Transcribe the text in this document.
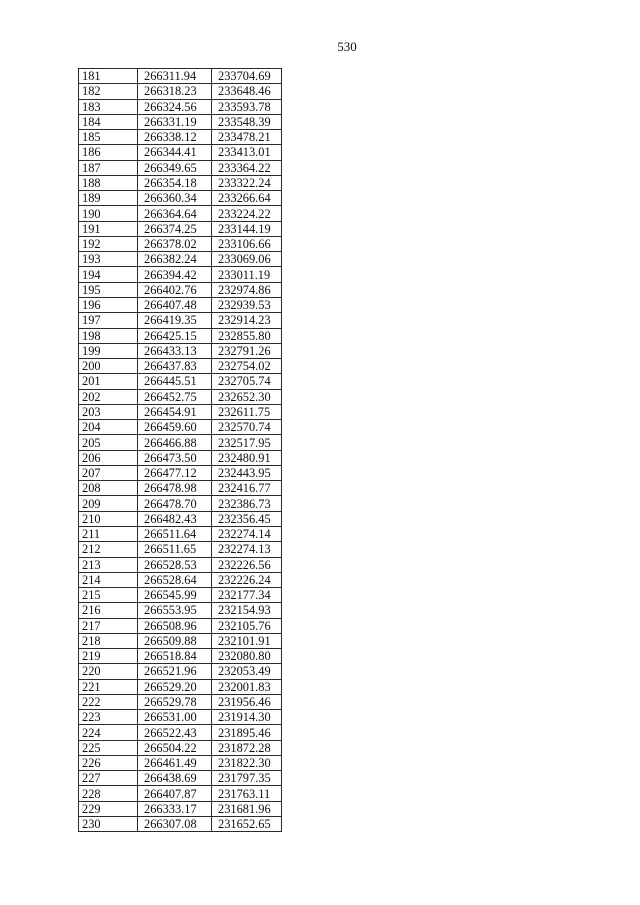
530
181	266311.94	233704.69
182	266318.23	233648.46
183	266324.56	233593.78
184	266331.19	233548.39
185	266338.12	233478.21
186	266344.41	233413.01
187	266349.65	233364.22
188	266354.18	233322.24
189	266360.34	233266.64
190	266364.64	233224.22
191	266374.25	233144.19
192	266378.02	233106.66
193	266382.24	233069.06
194	266394.42	233011.19
195	266402.76	232974.86
196	266407.48	232939.53
197	266419.35	232914.23
198	266425.15	232855.80
199	266433.13	232791.26
200	266437.83	232754.02
201	266445.51	232705.74
202	266452.75	232652.30
203	266454.91	232611.75
204	266459.60	232570.74
205	266466.88	232517.95
206	266473.50	232480.91
207	266477.12	232443.95
208	266478.98	232416.77
209	266478.70	232386.73
210	266482.43	232356.45
211	266511.64	232274.14
212	266511.65	232274.13
213	266528.53	232226.56
214	266528.64	232226.24
215	266545.99	232177.34
216	266553.95	232154.93
217	266508.96	232105.76
218	266509.88	232101.91
219	266518.84	232080.80
220	266521.96	232053.49
221	266529.20	232001.83
222	266529.78	231956.46
223	266531.00	231914.30
224	266522.43	231895.46
225	266504.22	231872.28
226	266461.49	231822.30
227	266438.69	231797.35
228	266407.87	231763.11
229	266333.17	231681.96
230	266307.08	231652.65
